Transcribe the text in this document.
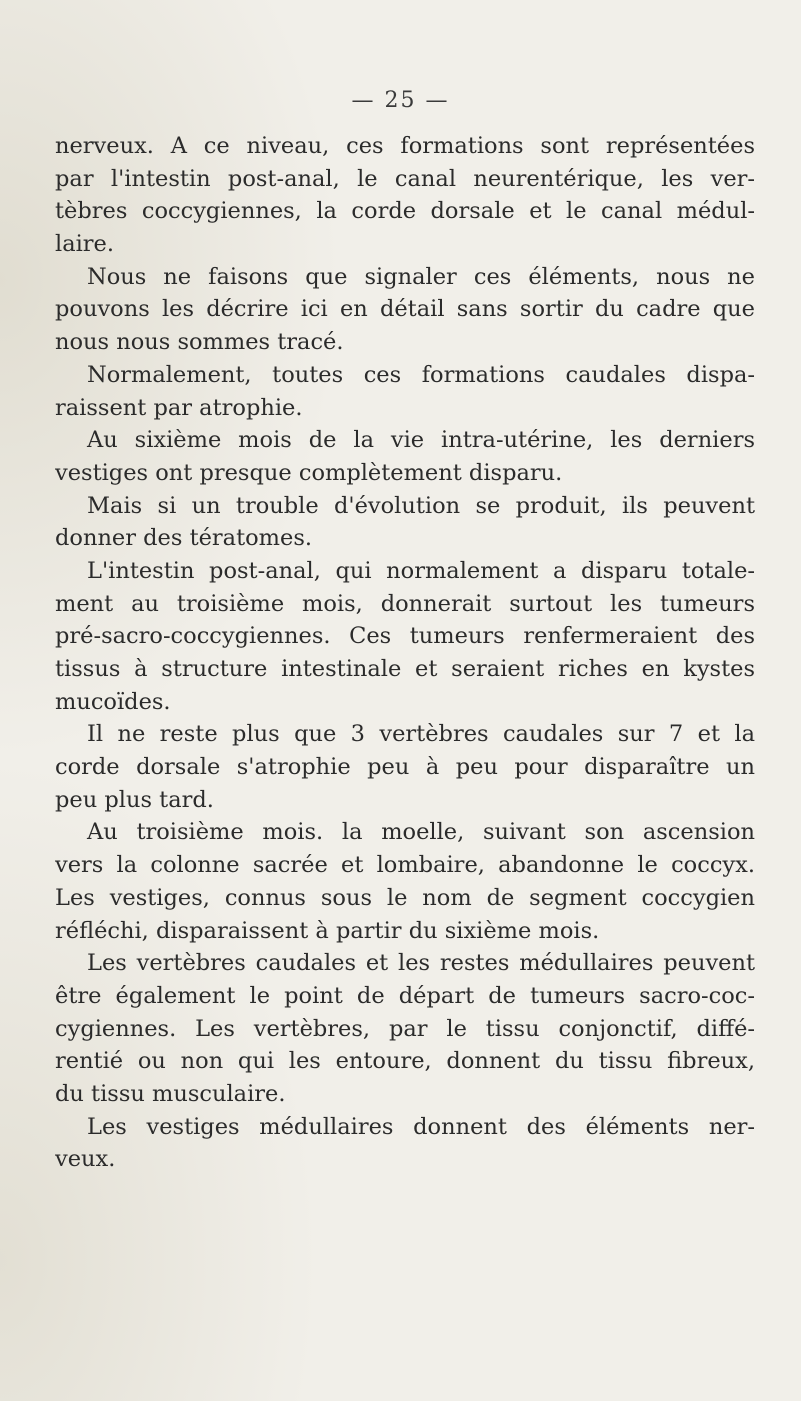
— 25 —
nerveux. A ce niveau, ces formations sont représentées
par l'intestin post-anal, le canal neurentérique, les ver-
tèbres coccygiennes, la corde dorsale et le canal médul-
laire.
Nous ne faisons que signaler ces éléments, nous ne
pouvons les décrire ici en détail sans sortir du cadre que
nous nous sommes tracé.
Normalement, toutes ces formations caudales dispa-
raissent par atrophie.
Au sixième mois de la vie intra-utérine, les derniers
vestiges ont presque complètement disparu.
Mais si un trouble d'évolution se produit, ils peuvent
donner des tératomes.
L'intestin post-anal, qui normalement a disparu totale-
ment au troisième mois, donnerait surtout les tumeurs
pré-sacro-coccygiennes. Ces tumeurs renfermeraient des
tissus à structure intestinale et seraient riches en kystes
mucoïdes.
Il ne reste plus que 3 vertèbres caudales sur 7 et la
corde dorsale s'atrophie peu à peu pour disparaître un
peu plus tard.
Au troisième mois. la moelle, suivant son ascension
vers la colonne sacrée et lombaire, abandonne le coccyx.
Les vestiges, connus sous le nom de segment coccygien
réfléchi, disparaissent à partir du sixième mois.
Les vertèbres caudales et les restes médullaires peuvent
être également le point de départ de tumeurs sacro-coc-
cygiennes. Les vertèbres, par le tissu conjonctif, diffé-
rentié ou non qui les entoure, donnent du tissu fibreux,
du tissu musculaire.
Les vestiges médullaires donnent des éléments ner-
veux.
